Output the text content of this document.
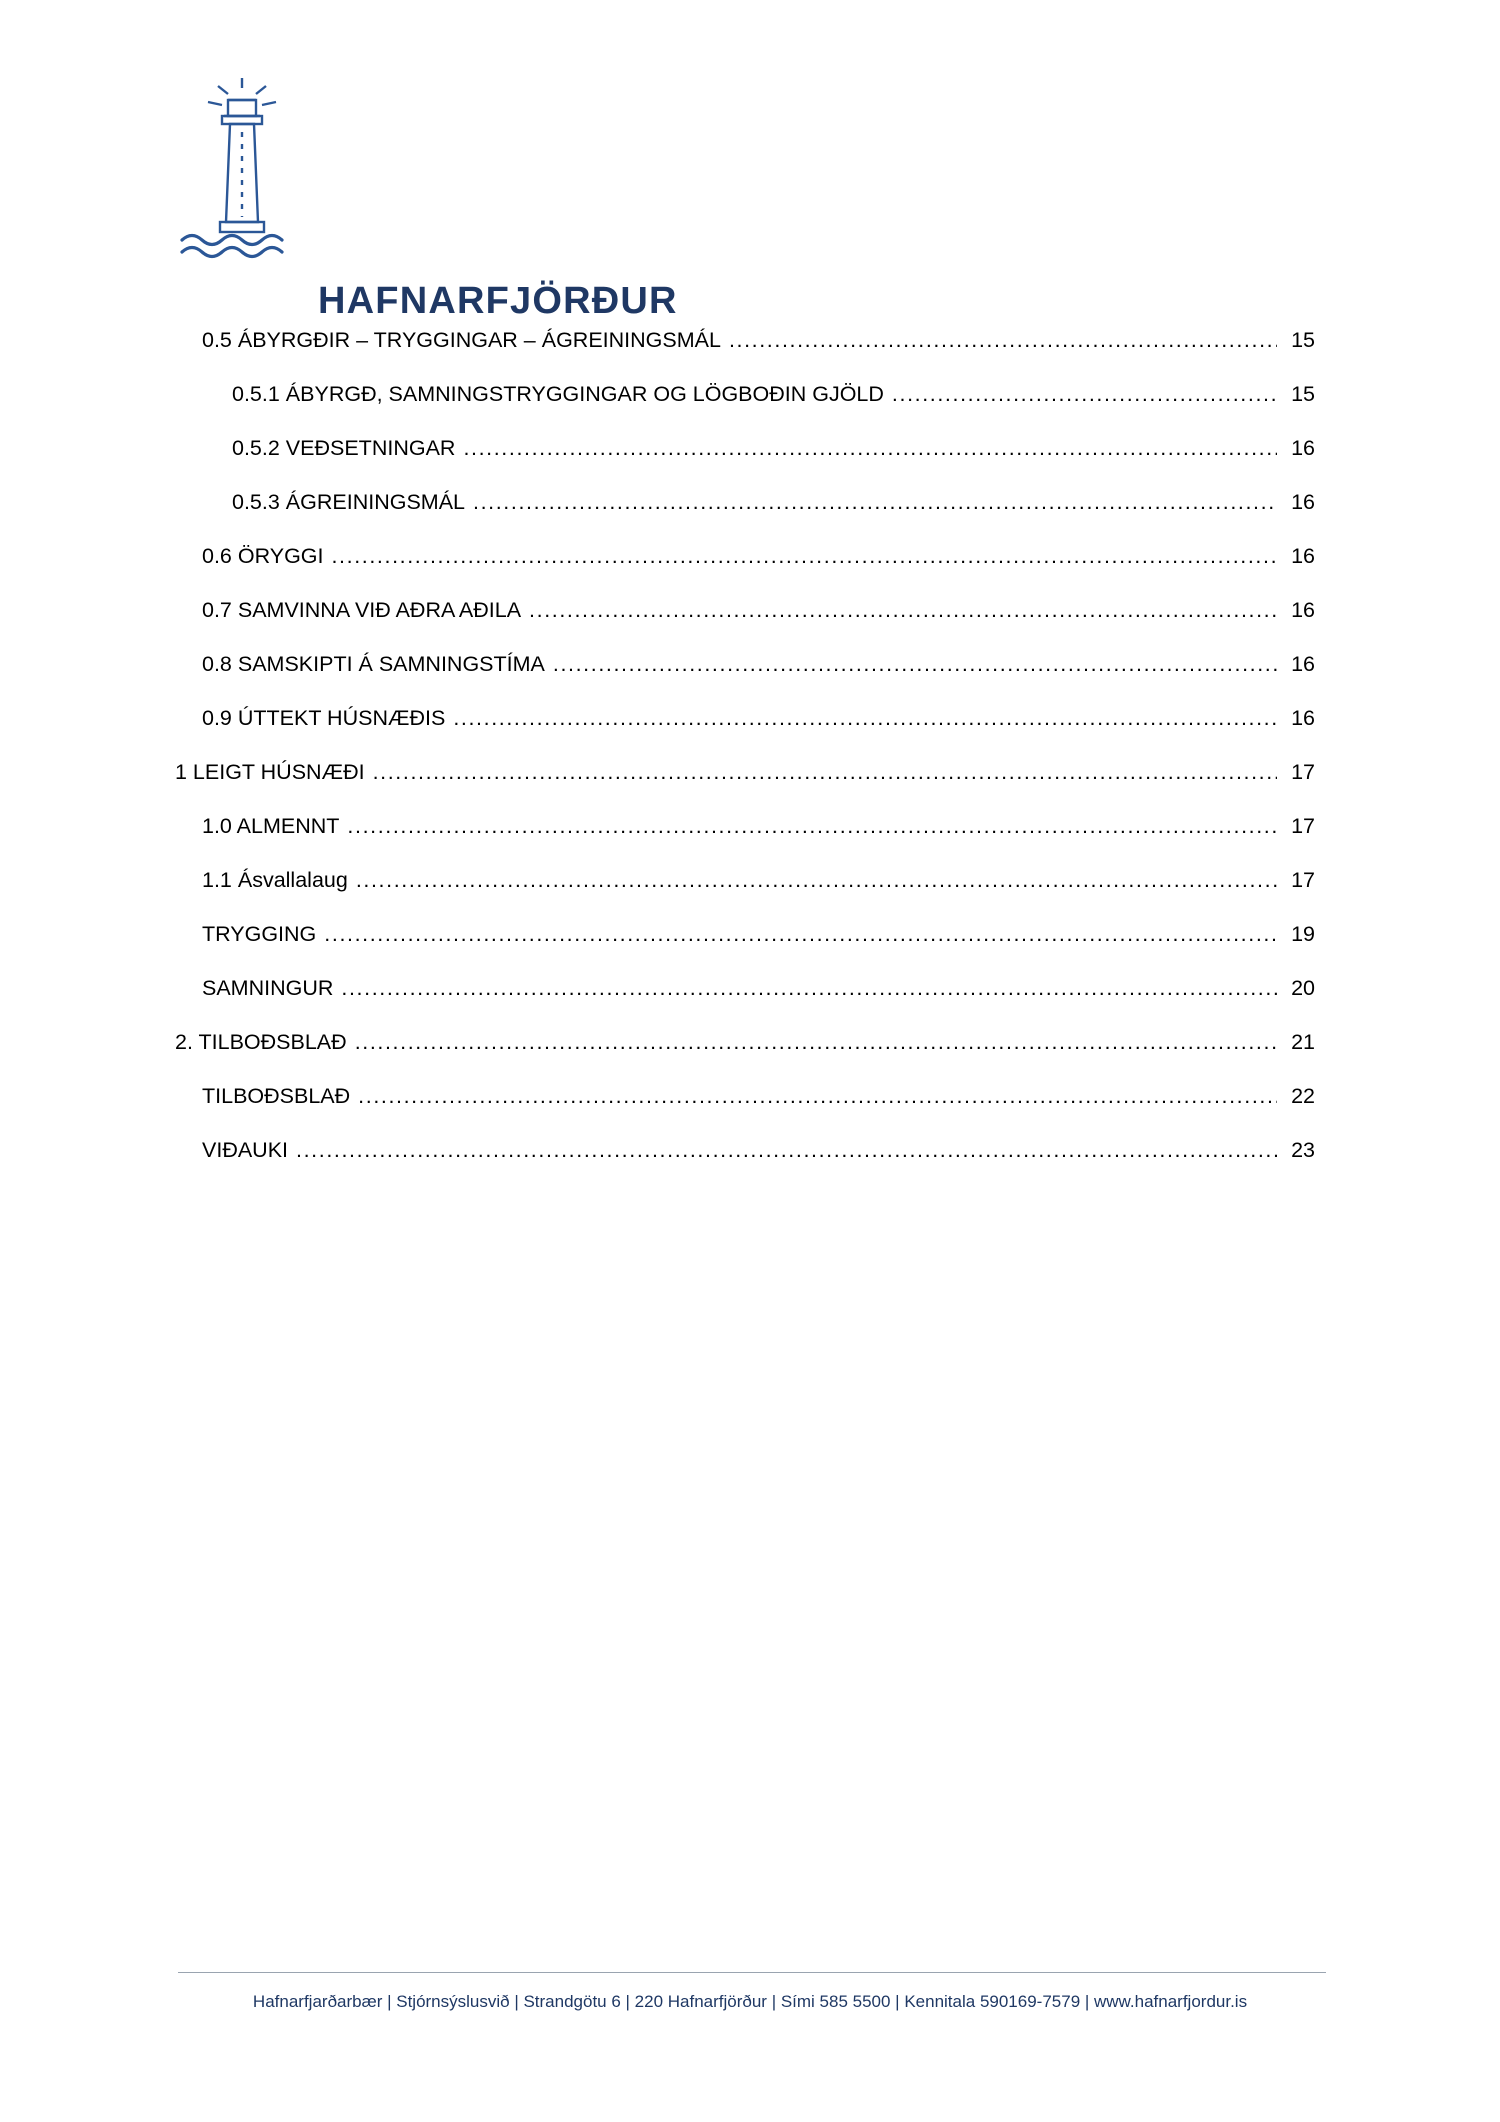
HAFNARFJÖRÐUR
0.5 ÁBYRGÐIR – TRYGGINGAR – ÁGREININGSMÁL .....	15
0.5.1 ÁBYRGÐ, SAMNINGSTRYGGINGAR OG LÖGBOÐIN GJÖLD .....	15
0.5.2 VEÐSETNINGAR .....	16
0.5.3 ÁGREININGSMÁL .....	16
0.6 ÖRYGGI .....	16
0.7 SAMVINNA VIÐ AÐRA AÐILA .....	16
0.8 SAMSKIPTI Á SAMNINGSTÍMA .....	16
0.9 ÚTTEKT HÚSNÆÐIS .....	16
1 LEIGT HÚSNÆÐI .....	17
1.0 ALMENNT .....	17
1.1 Ásvallalaug .....	17
TRYGGING .....	19
SAMNINGUR .....	20
2. TILBOÐSBLAÐ .....	21
TILBOÐSBLAÐ .....	22
VIÐAUKI .....	23
Hafnarfjarðarbær | Stjórnsýslusvið | Strandgötu 6 | 220 Hafnarfjörður | Sími 585 5500 | Kennitala 590169-7579 | www.hafnarfjordur.is
